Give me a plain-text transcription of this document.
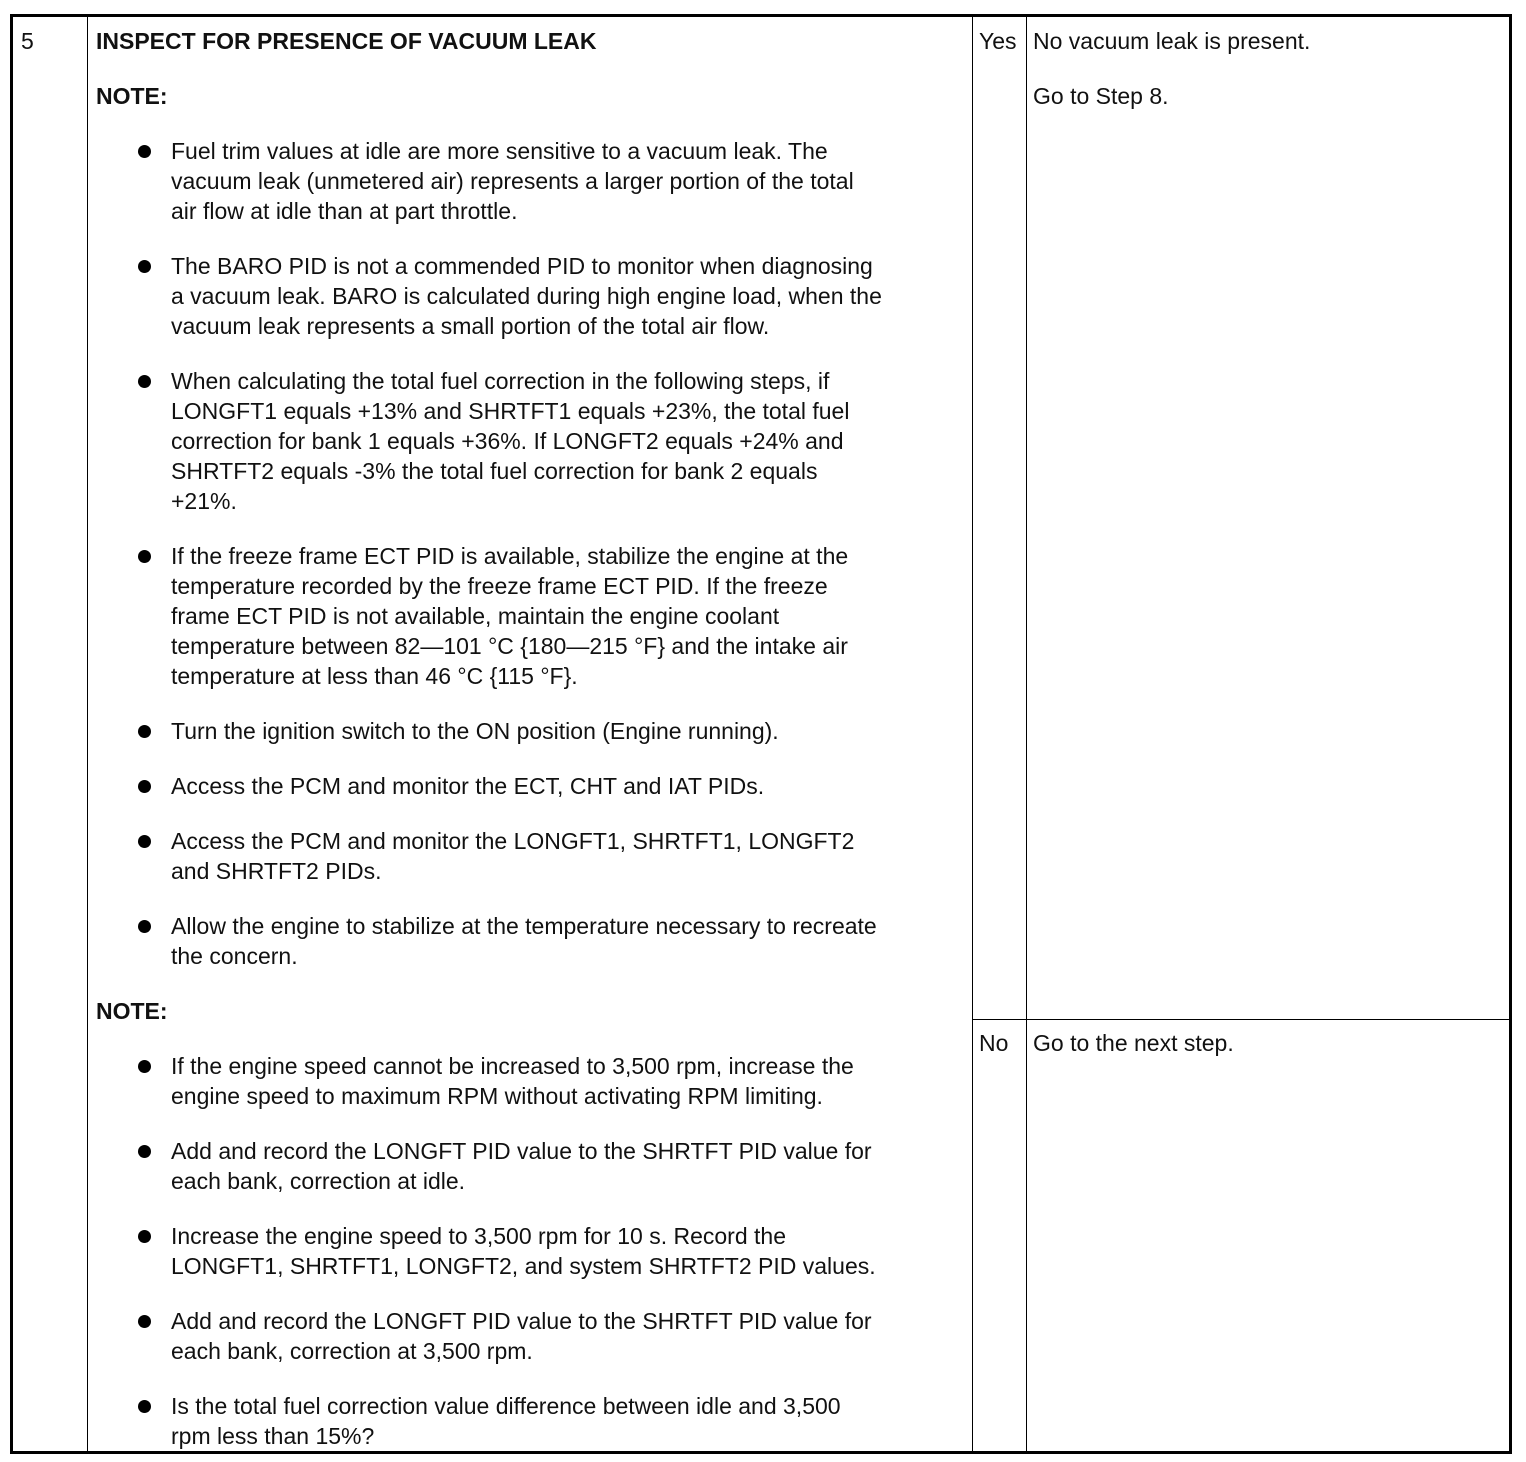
5	INSPECT FOR PRESENCE OF VACUUM LEAK
NOTE:
Fuel trim values at idle are more sensitive to a vacuum leak. The
vacuum leak (unmetered air) represents a larger portion of the total
air flow at idle than at part throttle.
The BARO PID is not a commended PID to monitor when diagnosing
a vacuum leak. BARO is calculated during high engine load, when the
vacuum leak represents a small portion of the total air flow.
When calculating the total fuel correction in the following steps, if
LONGFT1 equals +13% and SHRTFT1 equals +23%, the total fuel
correction for bank 1 equals +36%. If LONGFT2 equals +24% and
SHRTFT2 equals -3% the total fuel correction for bank 2 equals
+21%.
If the freeze frame ECT PID is available, stabilize the engine at the
temperature recorded by the freeze frame ECT PID. If the freeze
frame ECT PID is not available, maintain the engine coolant
temperature between 82—101 °C {180—215 °F} and the intake air
temperature at less than 46 °C {115 °F}.
Turn the ignition switch to the ON position (Engine running).
Access the PCM and monitor the ECT, CHT and IAT PIDs.
Access the PCM and monitor the LONGFT1, SHRTFT1, LONGFT2
and SHRTFT2 PIDs.
Allow the engine to stabilize at the temperature necessary to recreate
the concern.
NOTE:
If the engine speed cannot be increased to 3,500 rpm, increase the
engine speed to maximum RPM without activating RPM limiting.
Add and record the LONGFT PID value to the SHRTFT PID value for
each bank, correction at idle.
Increase the engine speed to 3,500 rpm for 10 s. Record the
LONGFT1, SHRTFT1, LONGFT2, and system SHRTFT2 PID values.
Add and record the LONGFT PID value to the SHRTFT PID value for
each bank, correction at 3,500 rpm.
Is the total fuel correction value difference between idle and 3,500
rpm less than 15%?
Yes No vacuum leak is present.
Go to Step 8.
No Go to the next step.
